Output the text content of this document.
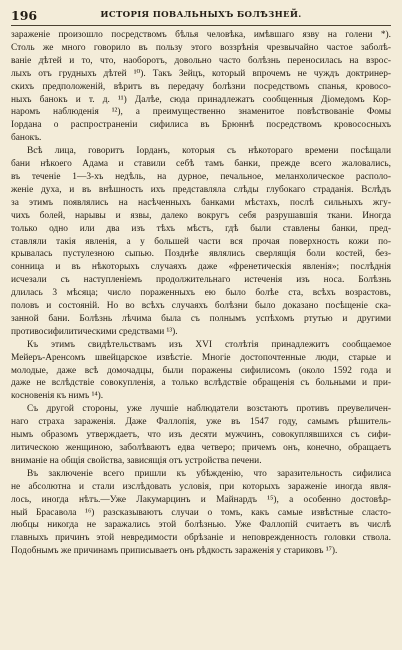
196	ИСТОРІЯ ПОВАЛЬНЫХЪ БОЛѢЗНЕЙ.

зараженіе произошло посредствомъ бѣлья человѣка, имѣвшаго язву на голени *).
Столь же много говорило въ пользу этого воззрѣнія чрезвычайно частое заболѣ-
ваніе дѣтей и то, что, наоборотъ, довольно часто болѣзнь переносилась на взрос-
лыхъ отъ грудныхъ дѣтей ¹⁰). Такъ Зейцъ, который впрочемъ не чуждъ доктринер-
скихъ предположеній, вѣритъ въ передачу болѣзни посредствомъ спанья, кровосо-
ныхъ банокъ и т. д. ¹¹) Далѣе, сюда принадлежатъ сообщенныя Діомедомъ Кор-
наромъ наблюденія ¹²), а преимущественно знаменитое повѣствованіе Фомы
Іордана о распространеніи сифилиса въ Брюннѣ посредствомъ кровососныхъ
банокъ.

Всѣ лица, говоритъ Іорданъ, которыя съ нѣкотораго времени посѣщали
бани нѣкоего Адама и ставили себѣ тамъ банки, прежде всего жаловались,
въ теченіе 1—3-хъ недѣль, на дурное, печальное, меланхолическое располо-
женіе духа, и въ внѣшность ихъ представляла слѣды глубокаго страданія. Вслѣдъ
за этимъ появлялись на насѣченныхъ банками мѣстахъ, послѣ сильныхъ жгу-
чихъ болей, нарывы и язвы, далеко вокругъ себя разрушавшія ткани. Иногда
только одно или два изъ тѣхъ мѣстъ, гдѣ были ставлены банки, пред-
ставляли такія явленія, а у большей части вся прочая поверхность кожи по-
крывалась пустулезною сыпью. Позднѣе являлись сверлящія боли костей, без-
сонница и въ нѣкоторыхъ случаяхъ даже «френетическія явленія»; послѣднія
исчезали съ наступленіемъ продолжительнаго истеченія изъ носа. Болѣзнь
длилась 3 мѣсяца; число пораженныхъ ею было болѣе ста, всѣхъ возрастовъ,
половъ и состояній. Но во всѣхъ случаяхъ болѣзни было доказано посѣщеніе ска-
занной бани. Болѣзнь лѣчима была съ полнымъ успѣхомъ ртутью и другими
противосифилитическими средствами ¹³).

Къ этимъ свидѣтельствамъ изъ XVI столѣтія принадлежитъ сообщаемое
Мейеръ-Аренсомъ швейцарское извѣстіе. Многіе достопочтенные люди, старые и
молодые, даже всѣ домочадцы, были поражены сифилисомъ (около 1592 года и
даже не вслѣдствіе совокупленія, а только вслѣдствіе обращенія съ больными и при-
косновенія къ нимъ ¹⁴).

Съ другой стороны, уже лучшіе наблюдатели возстаютъ противъ преувеличен-
наго страха зараженія. Даже Фаллопія, уже въ 1547 году, самымъ рѣшитель-
нымъ образомъ утверждаетъ, что изъ десяти мужчинъ, совокуплявшихся съ сифи-
литическою женщиною, заболѣваютъ едва четверо; причемъ онъ, конечно, обращаетъ
вниманіе на общія свойства, зависящія отъ устройства печени.

Въ заключеніе всего пришли къ убѣжденію, что заразительность сифилиса
не абсолютна и стали изслѣдовать условія, при которыхъ зараженіе иногда явля-
лось, иногда нѣтъ.—Уже Лакумарцинъ и Майнардъ ¹⁵), а особенно достовѣр-
ный Брасавола ¹⁶) разсказываютъ случаи о томъ, какъ самые извѣстные сласто-
любцы никогда не заражались этой болѣзнью. Уже Фаллопій считаетъ въ числѣ
главныхъ причинъ этой невредимости обрѣзаніе и неповрежденность головки ствола.
Подобнымъ же причинамъ приписываетъ онъ рѣдкость зараженія у стариковъ ¹⁷).
